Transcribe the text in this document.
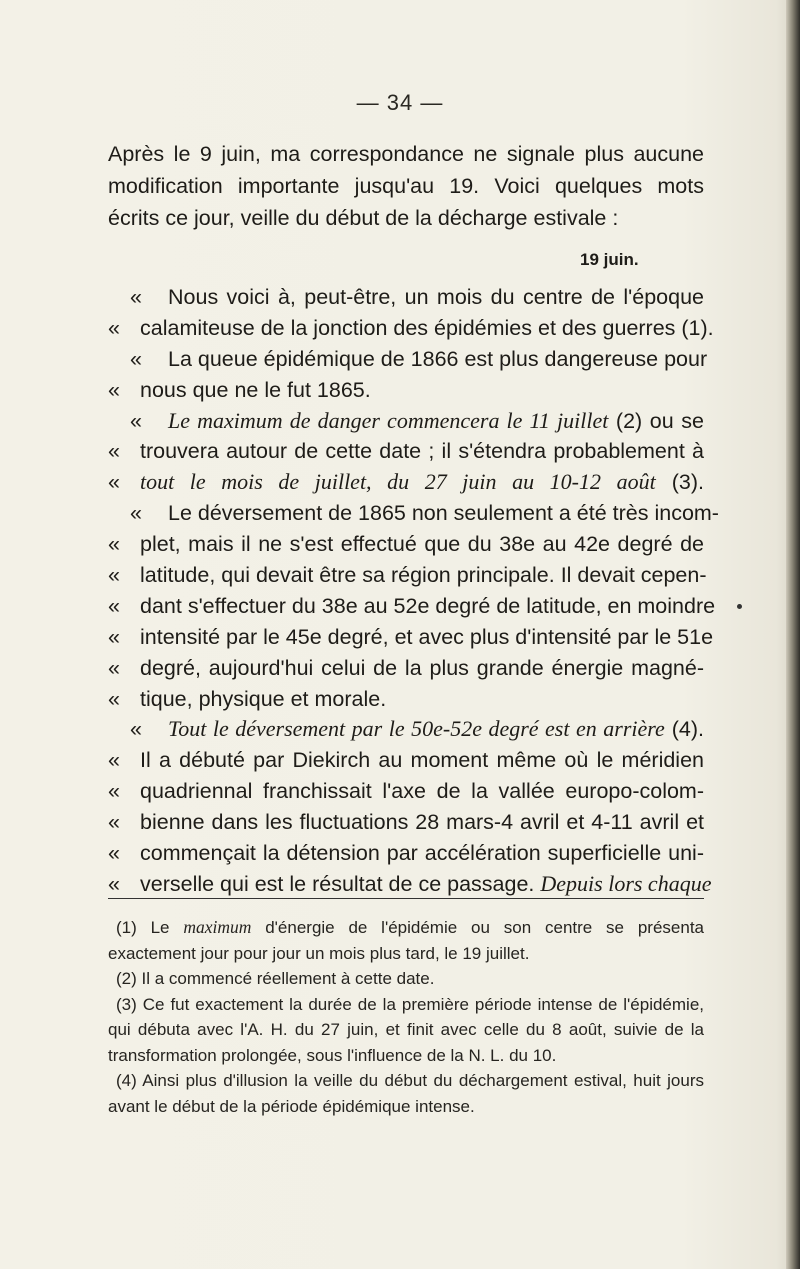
— 34 —

Après le 9 juin, ma correspondance ne signale plus aucune modification importante jusqu'au 19. Voici quelques mots écrits ce jour, veille du début de la décharge estivale :

19 juin.
«	Nous voici à, peut-être, un mois du centre de l'époque
« calamiteuse de la jonction des épidémies et des guerres (1).
«	La queue épidémique de 1866 est plus dangereuse pour
« nous que ne le fut 1865.
«	Le maximum de danger commencera le 11 juillet (2) ou se
« trouvera autour de cette date ; il s'étendra probablement à
« tout le mois de juillet, du 27 juin au 10-12 août (3).
«	Le déversement de 1865 non seulement a été très incom-
« plet, mais il ne s'est effectué que du 38e au 42e degré de
« latitude, qui devait être sa région principale. Il devait cepen-
« dant s'effectuer du 38e au 52e degré de latitude, en moindre
« intensité par le 45e degré, et avec plus d'intensité par le 51e
« degré, aujourd'hui celui de la plus grande énergie magné-
« tique, physique et morale.
«	Tout le déversement par le 50e-52e degré est en arrière (4).
« Il a débuté par Diekirch au moment même où le méridien
« quadriennal franchissait l'axe de la vallée europo-colom-
« bienne dans les fluctuations 28 mars-4 avril et 4-11 avril et
« commençait la détension par accélération superficielle uni-
« verselle qui est le résultat de ce passage. Depuis lors chaque
(1) Le maximum d'énergie de l'épidémie ou son centre se présenta exactement jour pour jour un mois plus tard, le 19 juillet.
(2) Il a commencé réellement à cette date.
(3) Ce fut exactement la durée de la première période intense de l'épidémie, qui débuta avec l'A. H. du 27 juin, et finit avec celle du 8 août, suivie de la transformation prolongée, sous l'influence de la N. L. du 10.
(4) Ainsi plus d'illusion la veille du début du déchargement estival, huit jours avant le début de la période épidémique intense.
